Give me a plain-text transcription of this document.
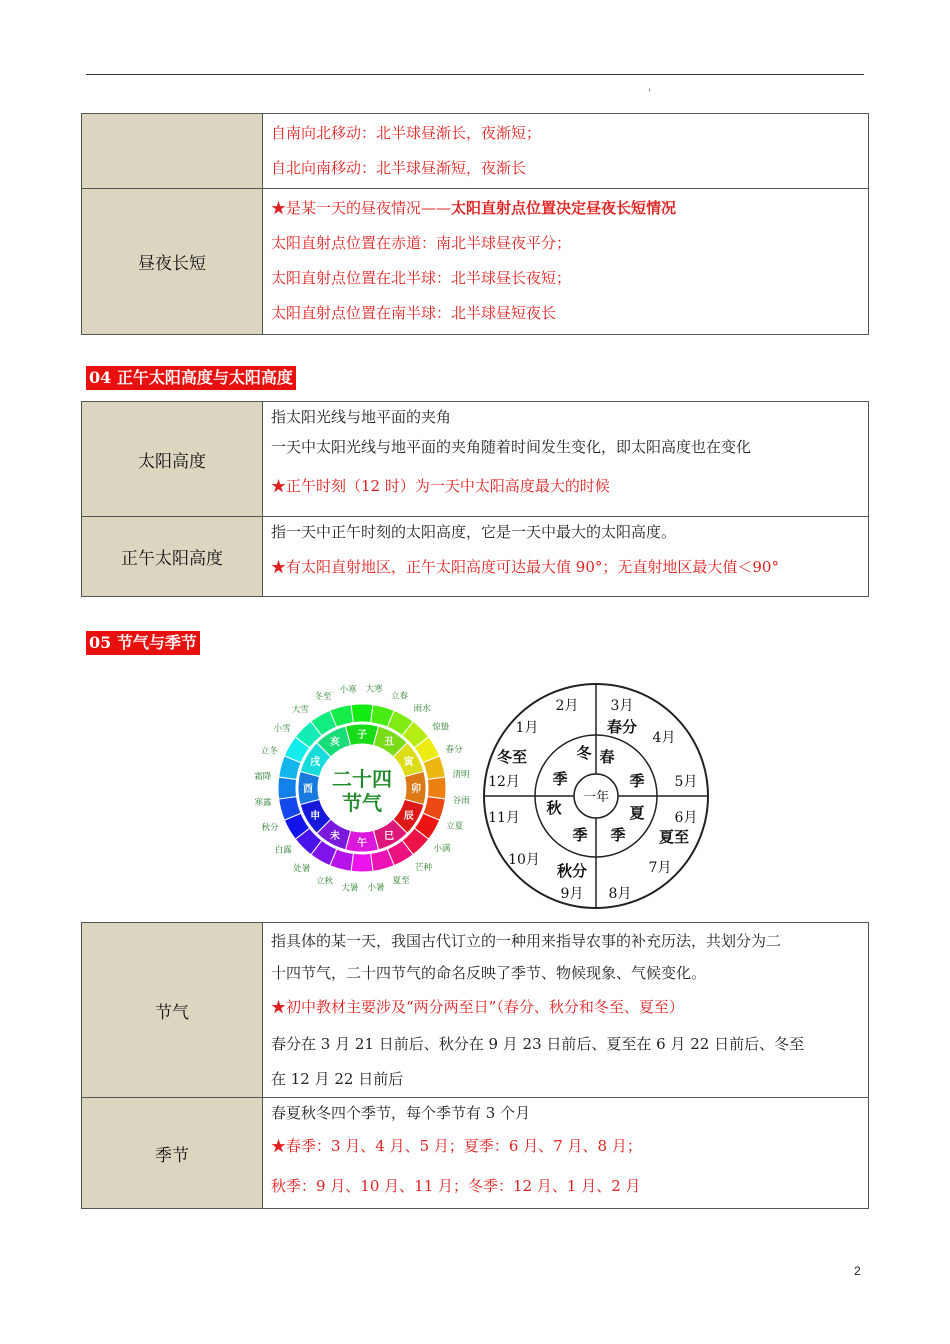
'

	自南向北移动：北半球昼渐长，夜渐短；
自北向南移动：北半球昼渐短，夜渐长

昼夜长短	★是某一天的昼夜情况——太阳直射点位置决定昼夜长短情况
太阳直射点位置在赤道：南北半球昼夜平分；
太阳直射点位置在北半球：北半球昼长夜短；
太阳直射点位置在南半球：北半球昼短夜长
04 正午太阳高度与太阳高度
太阳高度	指太阳光线与地平面的夹角
一天中太阳光线与地平面的夹角随着时间发生变化，即太阳高度也在变化
★正午时刻（12 时）为一天中太阳高度最大的时候

正午太阳高度	指一天中正午时刻的太阳高度，它是一天中最大的太阳高度。
★有太阳直射地区，正午太阳高度可达最大值 90°；无直射地区最大值＜90°
05 节气与季节
子
丑
寅
卯
辰
巳
午
未
申
酉
戌
亥
二十四
节气
立春
雨水
惊蛰
春分
清明
谷雨
立夏
小满
芒种
夏至
小暑
大暑
立秋
处暑
白露
秋分
寒露
霜降
立冬
小雪
大雪
冬至
小寒 大寒
一年
1月
2月 3月
4月
5月
6月
7月
8月
9月
10月
11月
12月
春分
夏至
秋分
冬至	春
季
夏
季
秋
季
冬
季
节气	指具体的某一天，我国古代订立的一种用来指导农事的补充历法，共划分为二
十四节气，二十四节气的命名反映了季节、物候现象、气候变化。
★初中教材主要涉及“两分两至日”（春分、秋分和冬至、夏至）
春分在 3 月 21 日前后、秋分在 9 月 23 日前后、夏至在 6 月 22 日前后、冬至
在 12 月 22 日前后

季节	春夏秋冬四个季节，每个季节有 3 个月
★春季：3 月、4 月、5 月；夏季：6 月、7 月、8 月；
秋季：9 月、10 月、11 月；冬季：12 月、1 月、2 月
2
